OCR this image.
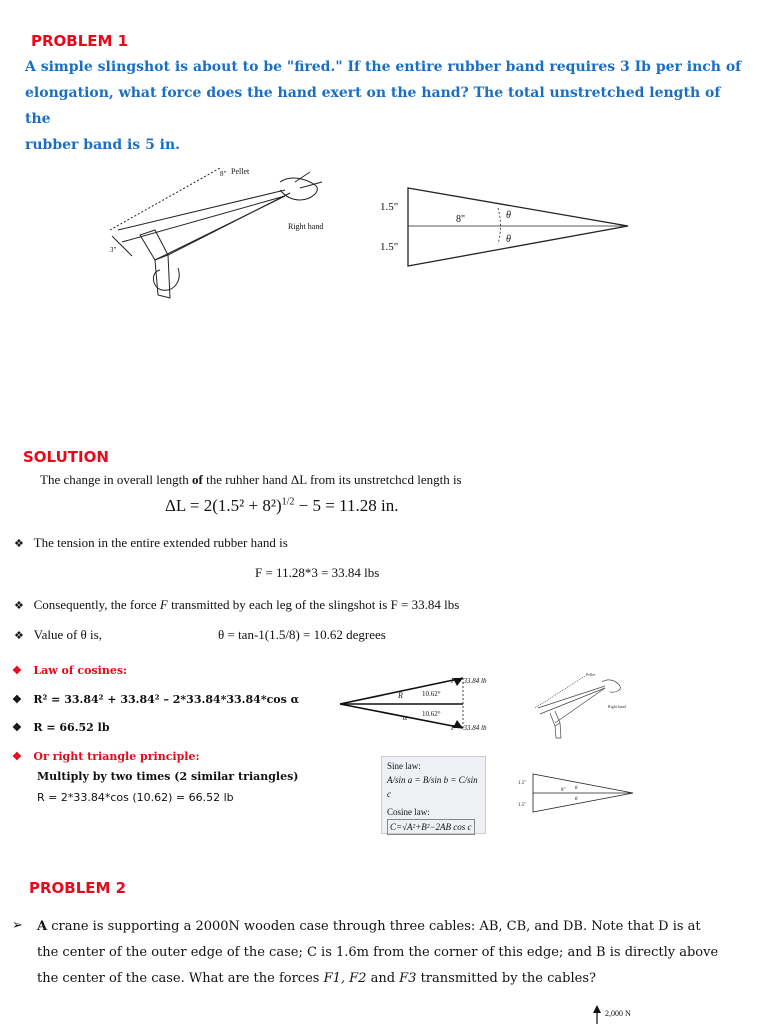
PROBLEM 1
A simple slingshot is about to be "fired." If the entire rubber band requires 3 Ib per inch of
elongation, what force does the hand exert on the hand? The total unstretched length of the
rubber band is 5 in.
Pellet
8"
Right hand
3"
1.5"
1.5"
8"	θ
θ
SOLUTION
The change in overall length of the ruhher hand ΔL from its unstretchcd length is
$\Delta L = 2(1.5^2 + 8^2)^{1/2} - 5 = 11.28$ in.
❖ The tension in the entire extended rubber hand is
F = 11.28*3 = 33.84 lbs
❖ Consequently, the force F transmitted by each leg of the slingshot is F = 33.84 lbs
❖ Value of θ is,	θ = tan-1(1.5/8) = 10.62 degrees
❖ Law of cosines:
❖ R² = 33.84² + 33.84² – 2*33.84*33.84*cos α
❖ R = 66.52 lb
❖ Or right triangle principle:
Multiply by two times (2 similar triangles)
R = 2*33.84*cos (10.62) = 66.52 lb
F = 33.84 lb
F = 33.84 lb
R	10.62°
10.62°
α
Right hand
Pellet
Sine law:
A/sin a = B/sin b = C/sin c
Cosine law:
C=√A²+B²−2AB cos c
1.5"
1.5"
8" θ
θ
PROBLEM 2
➢ A crane is supporting a 2000N wooden case through three cables: AB, CB, and DB. Note that D is at
the center of the outer edge of the case; C is 1.6m from the corner of this edge; and B is directly above
the center of the case. What are the forces F1, F2 and F3 transmitted by the cables?
2,000 N
